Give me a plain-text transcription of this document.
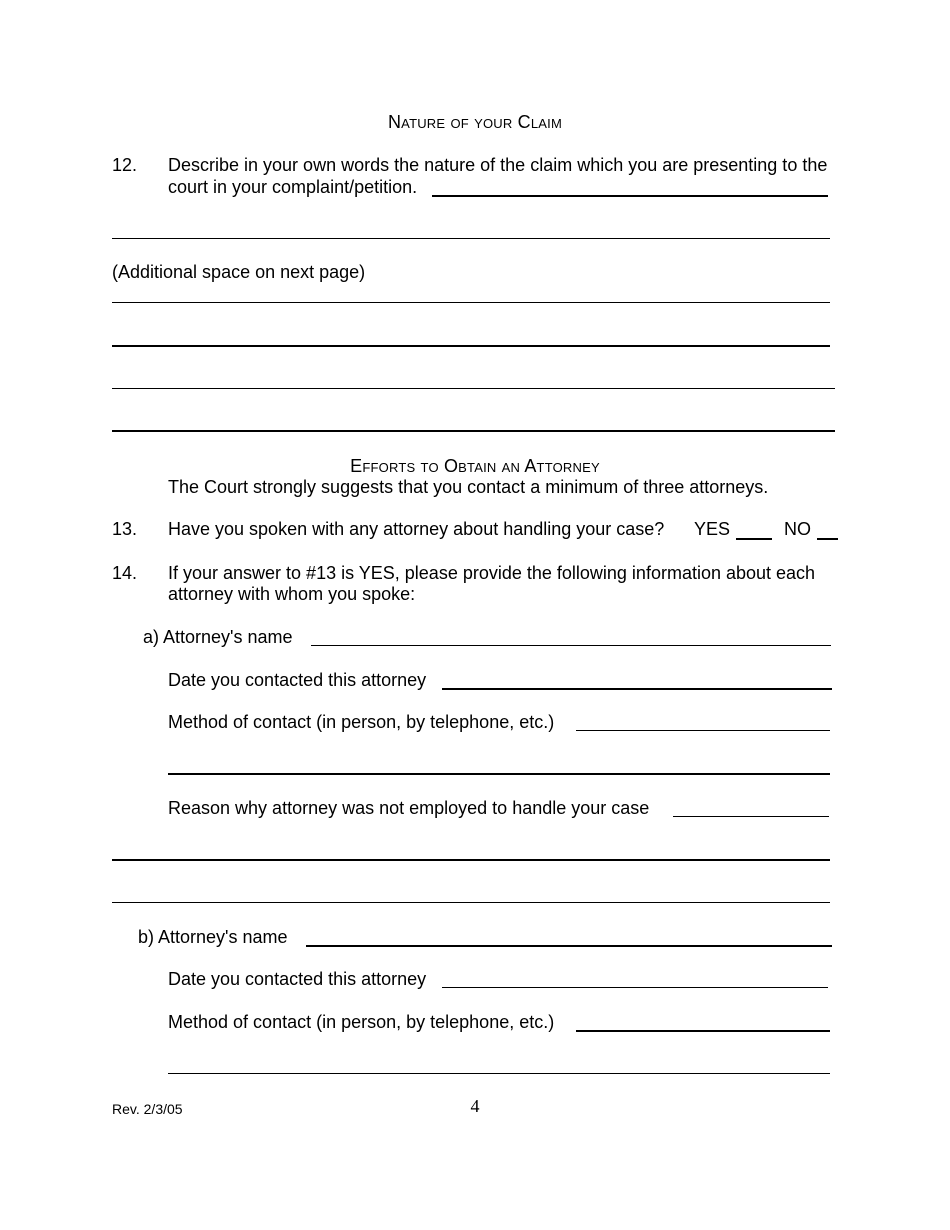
Nature of your Claim
12. Describe in your own words the nature of the claim which you are presenting to the
court in your complaint/petition.
(Additional space on next page)
Efforts to Obtain an Attorney
The Court strongly suggests that you contact a minimum of three attorneys.
13. Have you spoken with any attorney about handling your case? YES	NO
14. If your answer to #13 is YES, please provide the following information about each
attorney with whom you spoke:
a) Attorney's name
Date you contacted this attorney
Method of contact (in person, by telephone, etc.)
Reason why attorney was not employed to handle your case
b) Attorney's name
Date you contacted this attorney
Method of contact (in person, by telephone, etc.)
Rev. 2/3/05	4
